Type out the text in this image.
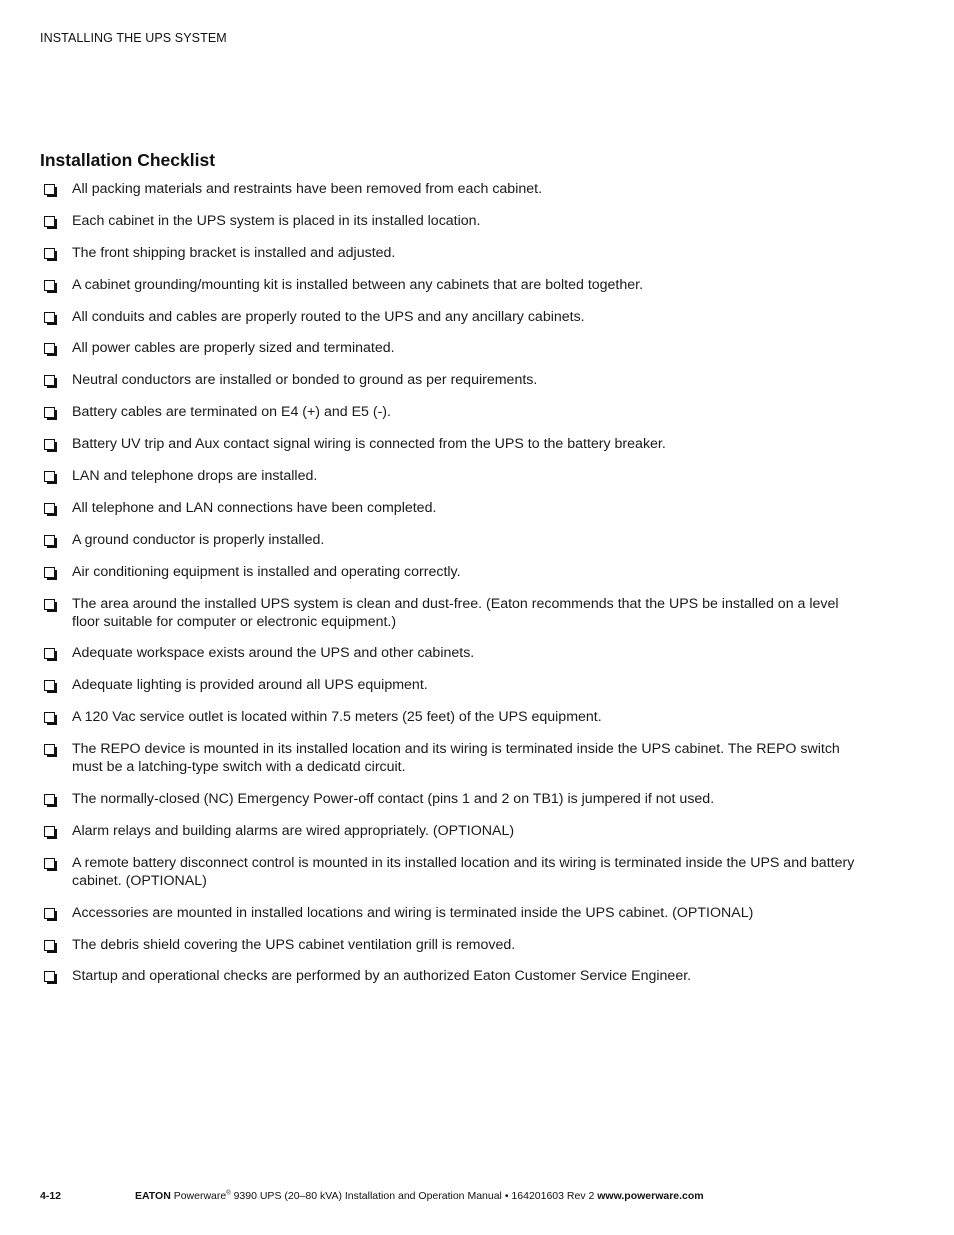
INSTALLING THE UPS SYSTEM
Installation Checklist
All packing materials and restraints have been removed from each cabinet.
Each cabinet in the UPS system is placed in its installed location.
The front shipping bracket is installed and adjusted.
A cabinet grounding/mounting kit is installed between any cabinets that are bolted together.
All conduits and cables are properly routed to the UPS and any ancillary cabinets.
All power cables are properly sized and terminated.
Neutral conductors are installed or bonded to ground as per requirements.
Battery cables are terminated on E4 (+) and E5 (-).
Battery UV trip and Aux contact signal wiring is connected from the UPS to the battery breaker.
LAN and telephone drops are installed.
All telephone and LAN connections have been completed.
A ground conductor is properly installed.
Air conditioning equipment is installed and operating correctly.
The area around the installed UPS system is clean and dust-free. (Eaton recommends that the UPS be installed on a level floor suitable for computer or electronic equipment.)
Adequate workspace exists around the UPS and other cabinets.
Adequate lighting is provided around all UPS equipment.
A 120 Vac service outlet is located within 7.5 meters (25 feet) of the UPS equipment.
The REPO device is mounted in its installed location and its wiring is terminated inside the UPS cabinet. The REPO switch must be a latching-type switch with a dedicatd circuit.
The normally-closed (NC) Emergency Power-off contact (pins 1 and 2 on TB1) is jumpered if not used.
Alarm relays and building alarms are wired appropriately. (OPTIONAL)
A remote battery disconnect control is mounted in its installed location and its wiring is terminated inside the UPS and battery cabinet. (OPTIONAL)
Accessories are mounted in installed locations and wiring is terminated inside the UPS cabinet. (OPTIONAL)
The debris shield covering the UPS cabinet ventilation grill is removed.
Startup and operational checks are performed by an authorized Eaton Customer Service Engineer.
4-12	EATON Powerware® 9390 UPS (20–80 kVA) Installation and Operation Manual • 164201603 Rev 2 www.powerware.com
